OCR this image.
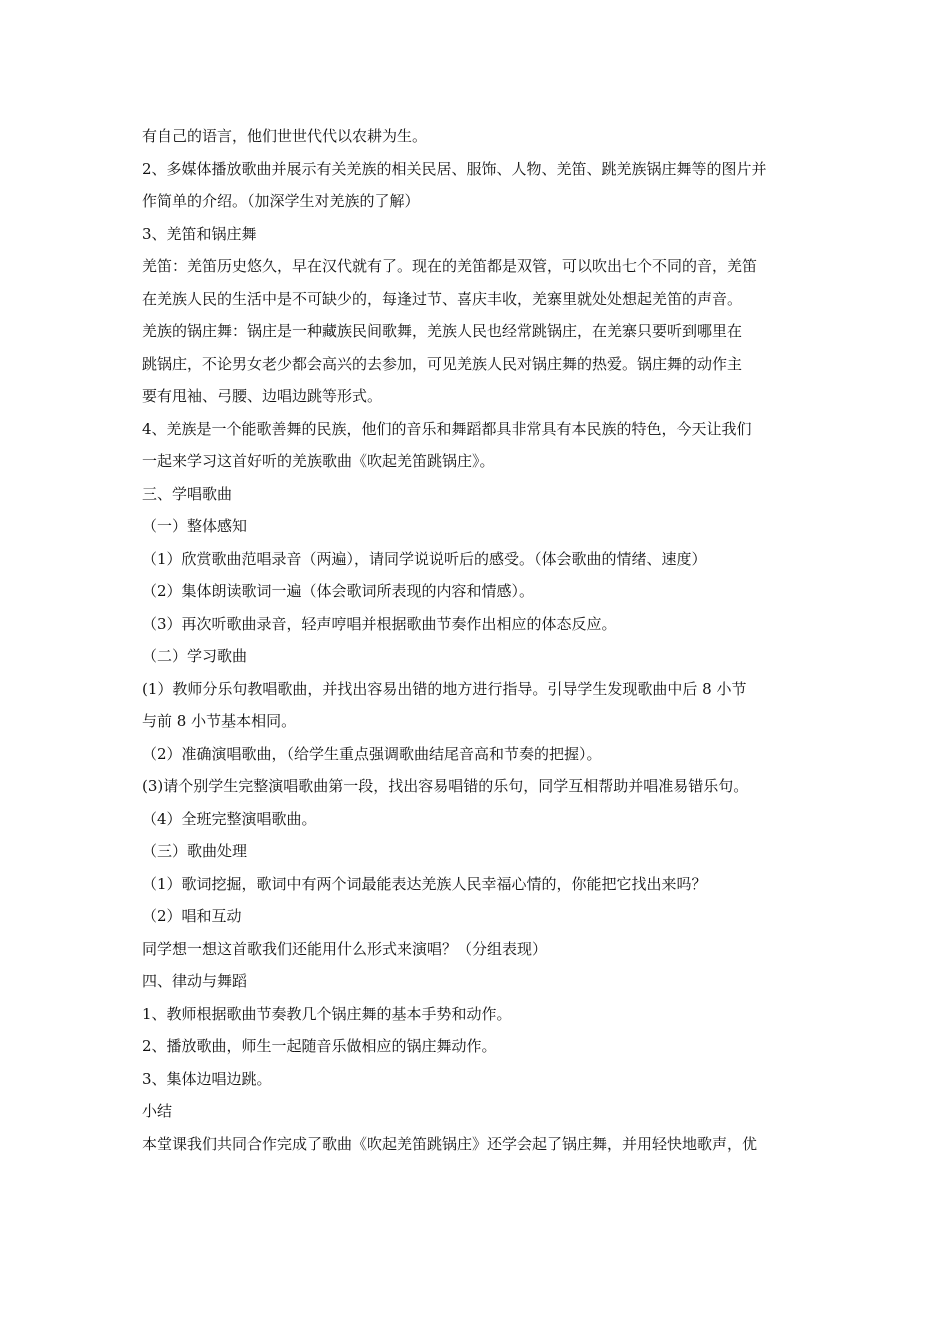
有自己的语言，他们世世代代以农耕为生。
2、多媒体播放歌曲并展示有关羌族的相关民居、服饰、人物、羌笛、跳羌族锅庄舞等的图片并
作简单的介绍。（加深学生对羌族的了解）
3、羌笛和锅庄舞
羌笛：羌笛历史悠久，早在汉代就有了。现在的羌笛都是双管，可以吹出七个不同的音，羌笛
在羌族人民的生活中是不可缺少的，每逢过节、喜庆丰收，羌寨里就处处想起羌笛的声音。
羌族的锅庄舞：锅庄是一种藏族民间歌舞，羌族人民也经常跳锅庄，在羌寨只要听到哪里在
跳锅庄，不论男女老少都会高兴的去参加，可见羌族人民对锅庄舞的热爱。锅庄舞的动作主
要有甩袖、弓腰、边唱边跳等形式。
4、羌族是一个能歌善舞的民族，他们的音乐和舞蹈都具非常具有本民族的特色，今天让我们
一起来学习这首好听的羌族歌曲《吹起羌笛跳锅庄》。
三、学唱歌曲
（一）整体感知
（1）欣赏歌曲范唱录音（两遍），请同学说说听后的感受。（体会歌曲的情绪、速度）
（2）集体朗读歌词一遍（体会歌词所表现的内容和情感）。
（3）再次听歌曲录音，轻声哼唱并根据歌曲节奏作出相应的体态反应。
（二）学习歌曲
(1）教师分乐句教唱歌曲，并找出容易出错的地方进行指导。引导学生发现歌曲中后 8 小节
与前 8 小节基本相同。
（2）准确演唱歌曲，（给学生重点强调歌曲结尾音高和节奏的把握）。
(3)请个别学生完整演唱歌曲第一段，找出容易唱错的乐句，同学互相帮助并唱准易错乐句。
（4）全班完整演唱歌曲。
（三）歌曲处理
（1）歌词挖掘，歌词中有两个词最能表达羌族人民幸福心情的，你能把它找出来吗？
（2）唱和互动
同学想一想这首歌我们还能用什么形式来演唱？（分组表现）
四、律动与舞蹈
1、教师根据歌曲节奏教几个锅庄舞的基本手势和动作。
2、播放歌曲，师生一起随音乐做相应的锅庄舞动作。
3、集体边唱边跳。
小结
本堂课我们共同合作完成了歌曲《吹起羌笛跳锅庄》还学会起了锅庄舞，并用轻快地歌声，优
